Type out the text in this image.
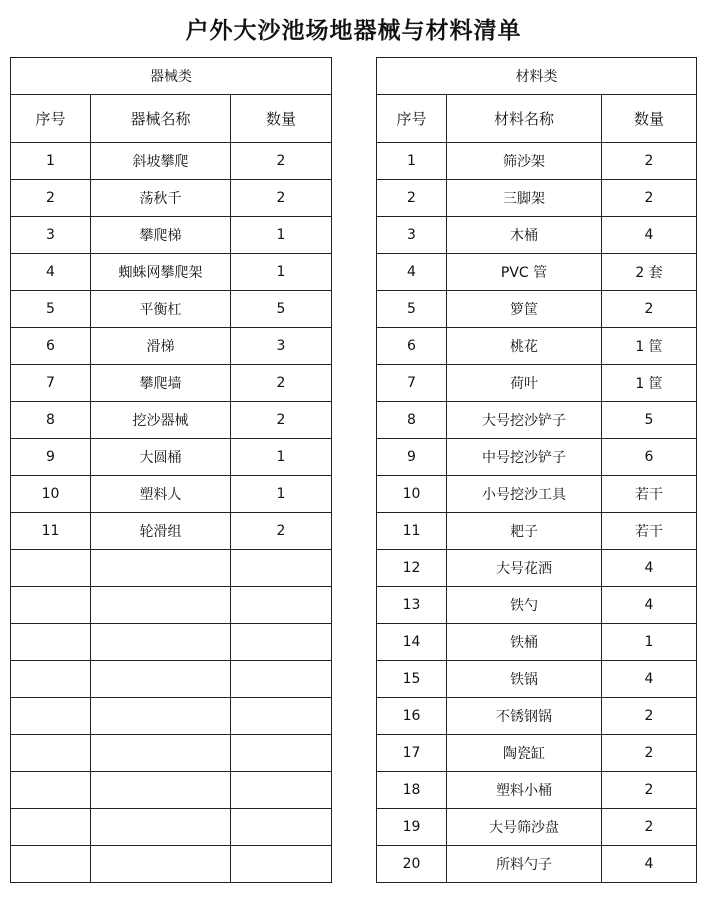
户外大沙池场地器械与材料清单
器械类		
序号	器械名称	数量
1	斜坡攀爬	2
2	荡秋千	2
3	攀爬梯	1
4	蜘蛛网攀爬架	1
5	平衡杠	5
6	滑梯	3
7	攀爬墙	2
8	挖沙器械	2
9	大圆桶	1
10	塑料人	1
11	轮滑组	2

材料类		
序号	材料名称	数量
1	筛沙架	2
2	三脚架	2
3	木桶	4
4	PVC 管	2 套
5	箩筐	2
6	桃花	1 筐
7	荷叶	1 筐
8	大号挖沙铲子	5
9	中号挖沙铲子	6
10	小号挖沙工具	若干
11	耙子	若干
12	大号花洒	4
13	铁勺	4
14	铁桶	1
15	铁锅	4
16	不锈钢锅	2
17	陶瓷缸	2
18	塑料小桶	2
19	大号筛沙盘	2
20	所料勺子	4
